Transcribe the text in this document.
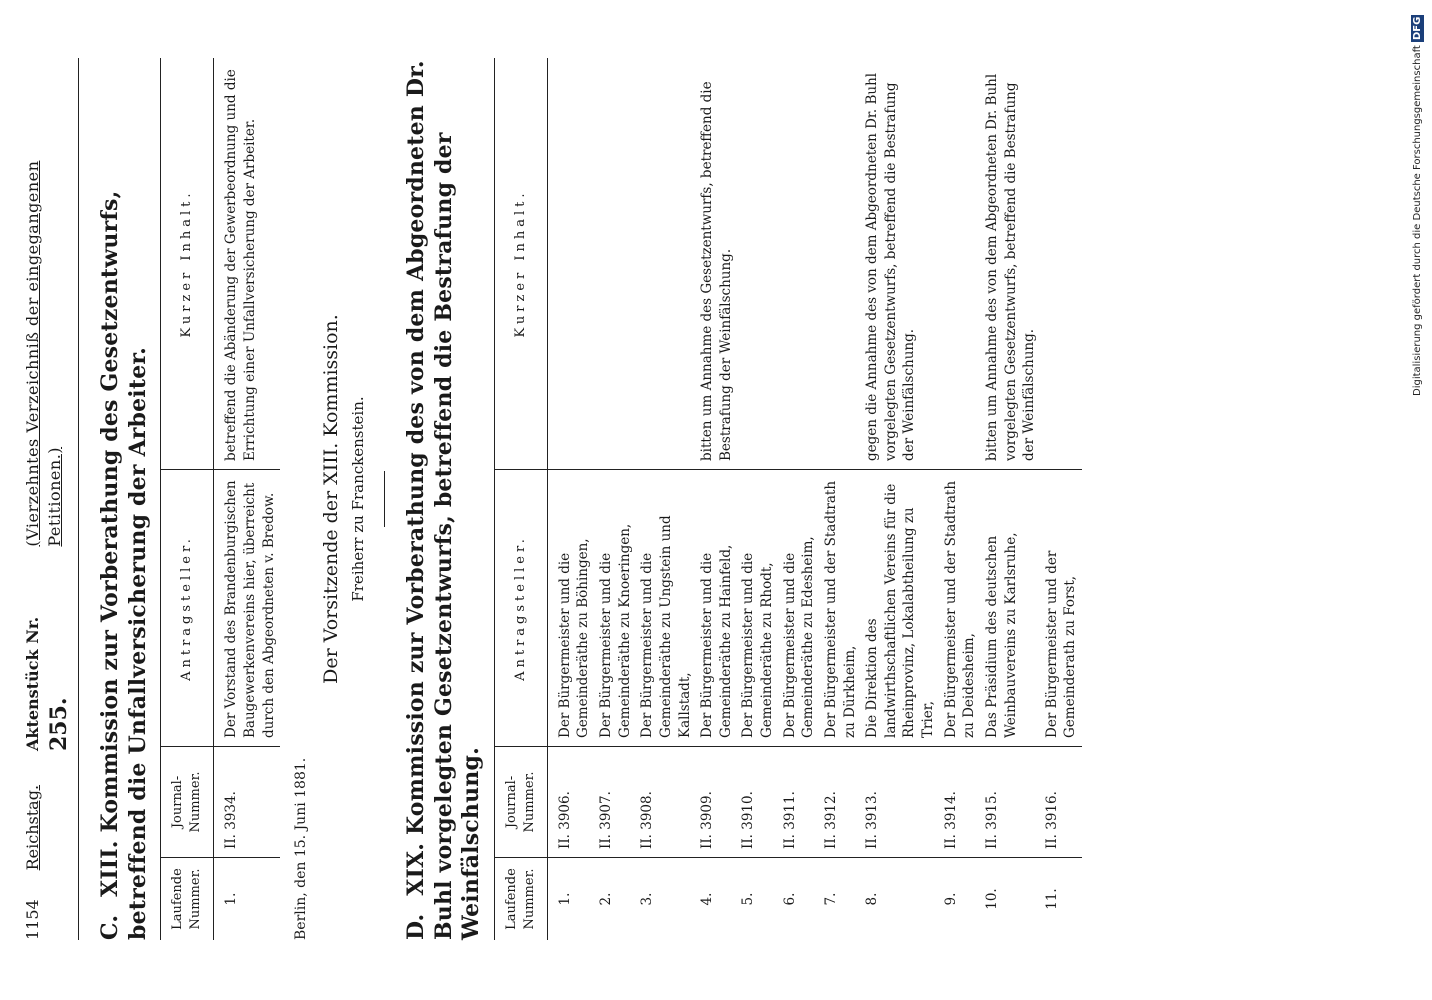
1154
Reichstag.
Aktenstück Nr. 255.
(Vierzehntes Verzeichniß der eingegangenen Petitionen.)
C. XIII. Kommission zur Vorberathung des Gesetzentwurfs, betreffend die Unfallversicherung der Arbeiter. Laufende Nummer.	Journal-Nummer.	Antragsteller.	Kurzer Inhalt.
1.	II. 3934.	Der Vorstand des Brandenburgischen Baugewerkenvereins hier, überreicht durch den Abgeordneten v. Bredow.	betreffend die Abänderung der Gewerbeordnung und die Errichtung einer Unfallversicherung der Arbeiter.

Berlin, den 15. Juni 1881.

Der Vorsitzende der XIII. Kommission. Freiherr zu Franckenstein.
D. XIX. Kommission zur Vorberathung des von dem Abgeordneten Dr. Buhl vorgelegten Gesetzentwurfs, betreffend die Bestrafung der Weinfälschung. Laufende Nummer.	Journal-Nummer.	Antragsteller.	Kurzer Inhalt.
1.	II. 3906.	Der Bürgermeister und die Gemeinderäthe zu Böhingen,	
2.	II. 3907.	Der Bürgermeister und die Gemeinderäthe zu Knoeringen,	
3.	II. 3908.	Der Bürgermeister und die Gemeinderäthe zu Ungstein und Kallstadt,	
4.	II. 3909.	Der Bürgermeister und die Gemeinderäthe zu Hainfeld,	bitten um Annahme des Gesetzentwurfs, betreffend die Bestrafung der Weinfälschung.
5.	II. 3910.	Der Bürgermeister und die Gemeinderäthe zu Rhodt,	
6.	II. 3911.	Der Bürgermeister und die Gemeinderäthe zu Edesheim,	
7.	II. 3912.	Der Bürgermeister und der Stadtrath zu Dürkheim,	
8.	II. 3913.	Die Direktion des landwirthschaftlichen Vereins für die Rheinprovinz, Lokalabtheilung zu Trier,	gegen die Annahme des von dem Abgeordneten Dr. Buhl vorgelegten Gesetzentwurfs, betreffend die Bestrafung der Weinfälschung.
9.	II. 3914.	Der Bürgermeister und der Stadtrath zu Deidesheim,	
10.	II. 3915.	Das Präsidium des deutschen Weinbauvereins zu Karlsruhe,	bitten um Annahme des von dem Abgeordneten Dr. Buhl vorgelegten Gesetzentwurfs, betreffend die Bestrafung der Weinfälschung.
11.	II. 3916.	Der Bürgermeister und der Gemeinderath zu Forst,	
Digitalisierung gefördert durch die Deutsche Forschungsgemeinschaft DFG
